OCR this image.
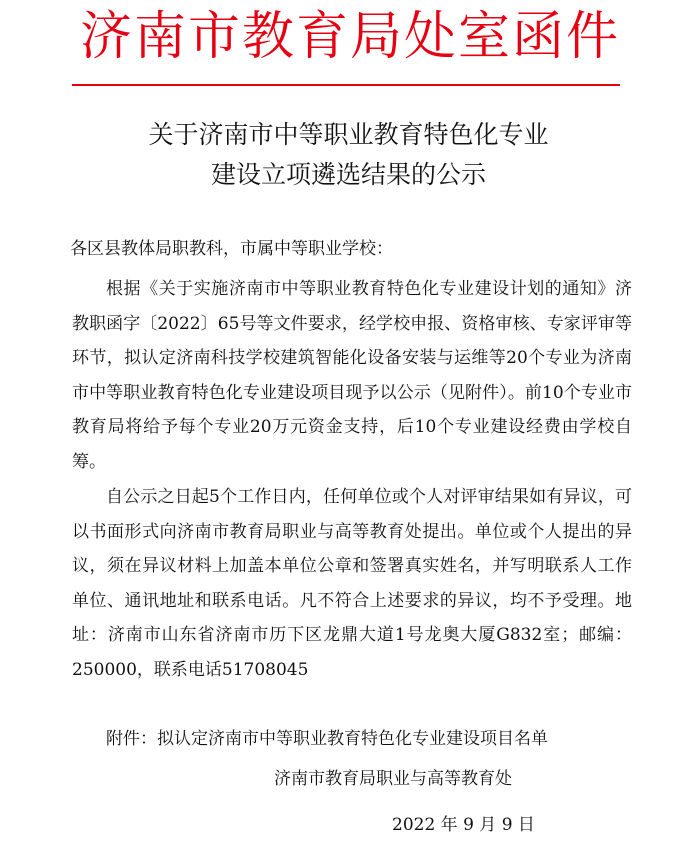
济南市教育局处室函件
关于济南市中等职业教育特色化专业
建设立项遴选结果的公示
各区县教体局职教科，市属中等职业学校：
根据《关于实施济南市中等职业教育特色化专业建设计划的通知》济教职函字〔2022〕65号等文件要求，经学校申报、资格审核、专家评审等环节，拟认定济南科技学校建筑智能化设备安装与运维等20个专业为济南市中等职业教育特色化专业建设项目现予以公示（见附件）。前10个专业市教育局将给予每个专业20万元资金支持，后10个专业建设经费由学校自筹。
自公示之日起5个工作日内，任何单位或个人对评审结果如有异议，可以书面形式向济南市教育局职业与高等教育处提出。单位或个人提出的异议，须在异议材料上加盖本单位公章和签署真实姓名，并写明联系人工作单位、通讯地址和联系电话。凡不符合上述要求的异议，均不予受理。地址：济南市山东省济南市历下区龙鼎大道1号龙奥大厦G832室；邮编：250000，联系电话51708045
附件：拟认定济南市中等职业教育特色化专业建设项目名单
济南市教育局职业与高等教育处
2022 年 9 月 9 日
